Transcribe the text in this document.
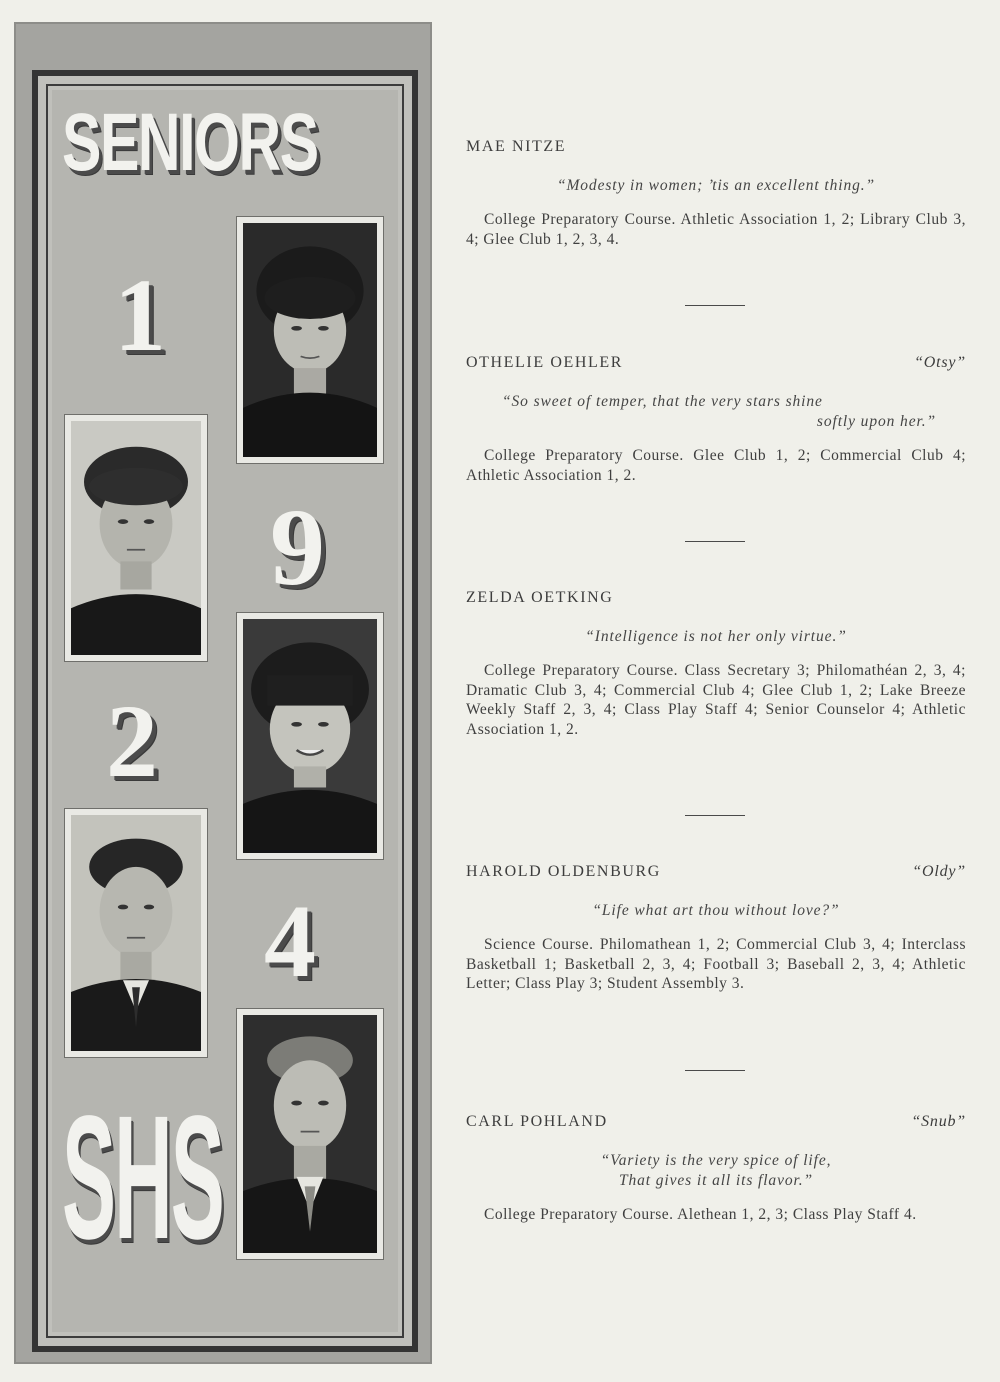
SENIORS
1
9
2
4
SHS
MAE NITZE
“Modesty in women; ’tis an excellent thing.”
College Preparatory Course. Athletic Association 1, 2; Library Club 3, 4; Glee Club 1, 2, 3, 4.
OTHELIE OEHLER	“Otsy”
“So sweet of temper, that the very stars shine
softly upon her.”
College Preparatory Course. Glee Club 1, 2; Commercial Club 4; Athletic Association 1, 2.
ZELDA OETKING
“Intelligence is not her only virtue.”
College Preparatory Course. Class Secretary 3; Philomathéan 2, 3, 4; Dramatic Club 3, 4; Commercial Club 4; Glee Club 1, 2; Lake Breeze Weekly Staff 2, 3, 4; Class Play Staff 4; Senior Counselor 4; Athletic Association 1, 2.
HAROLD OLDENBURG	“Oldy”
“Life what art thou without love?”
Science Course. Philomathean 1, 2; Commercial Club 3, 4; Interclass Basketball 1; Basketball 2, 3, 4; Football 3; Baseball 2, 3, 4; Athletic Letter; Class Play 3; Student Assembly 3.
CARL POHLAND	“Snub”
“Variety is the very spice of life,
That gives it all its flavor.”
College Preparatory Course. Alethean 1, 2, 3; Class Play Staff 4.
